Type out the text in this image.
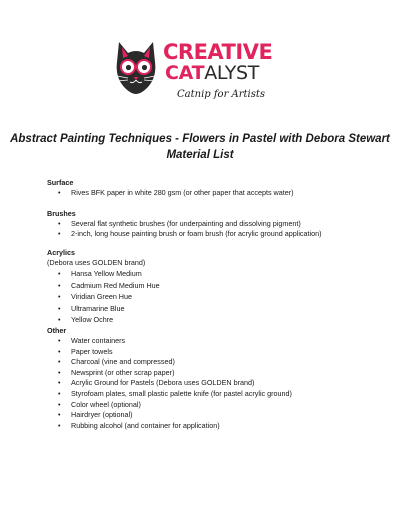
CREATIVE
CATALYST
Catnip for Artists
Abstract Painting Techniques - Flowers in Pastel with Debora Stewart
Material List
Surface
• Rives BFK paper in white 280 gsm (or other paper that accepts water)
Brushes
• Several flat synthetic brushes (for underpainting and dissolving pigment)
• 2-inch, long house painting brush or foam brush (for acrylic ground application)
Acrylics
(Debora uses GOLDEN brand)
• Hansa Yellow Medium
• Cadmium Red Medium Hue
• Viridian Green Hue
• Ultramarine Blue
• Yellow Ochre
Other
• Water containers
• Paper towels
• Charcoal (vine and compressed)
• Newsprint (or other scrap paper)
• Acrylic Ground for Pastels (Debora uses GOLDEN brand)
• Styrofoam plates, small plastic palette knife (for pastel acrylic ground)
• Color wheel (optional)
• Hairdryer (optional)
• Rubbing alcohol (and container for application)
